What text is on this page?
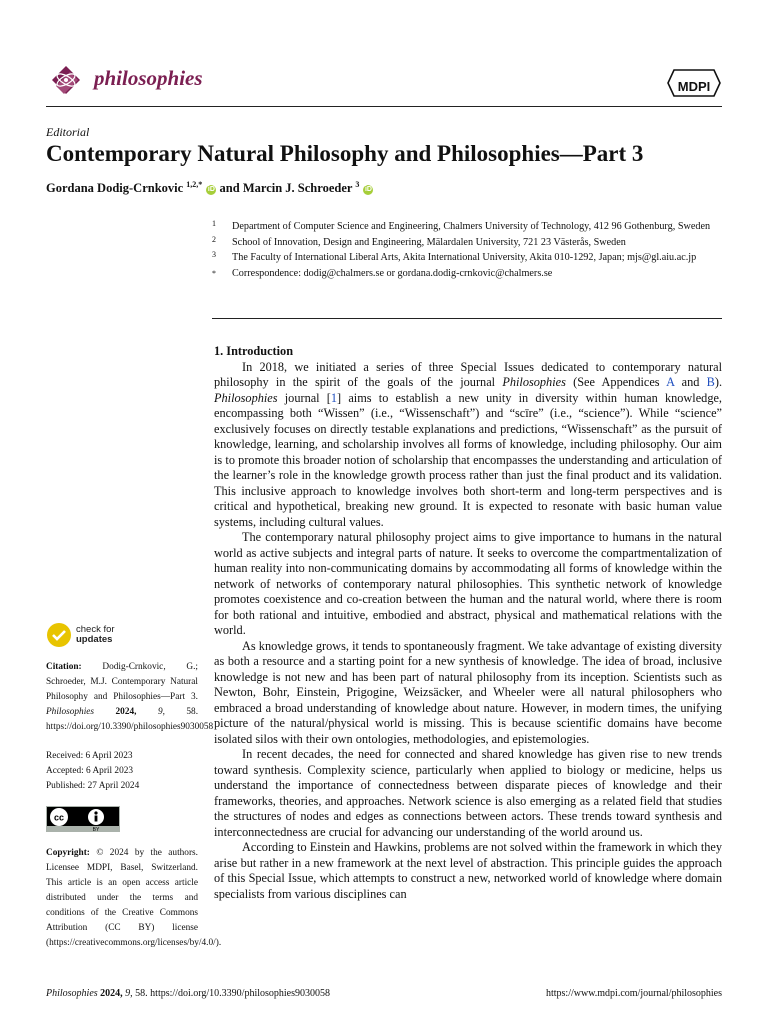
philosophies	MDPI
Editorial
Contemporary Natural Philosophy and Philosophies—Part 3
Gordana Dodig-Crnkovic $^{1,2,*}$ iD and Marcin J. Schroeder $^3$ iD
1 Department of Computer Science and Engineering, Chalmers University of Technology, 412 96 Gothenburg, Sweden
2 School of Innovation, Design and Engineering, Mälardalen University, 721 23 Västerås, Sweden
3 The Faculty of International Liberal Arts, Akita International University, Akita 010-1292, Japan; mjs@gl.aiu.ac.jp
* Correspondence: dodig@chalmers.se or gordana.dodig-crnkovic@chalmers.se
check for
updates
Citation: Dodig-Crnkovic, G.; Schroeder, M.J. Contemporary Natural Philosophy and Philosophies—Part 3. Philosophies 2024, 9, 58. https://doi.org/10.3390/philosophies9030058
Received: 6 April 2023
Accepted: 6 April 2023
Published: 27 April 2024
cc
BY
Copyright: © 2024 by the authors. Licensee MDPI, Basel, Switzerland. This article is an open access article distributed under the terms and conditions of the Creative Commons Attribution (CC BY) license (https://creativecommons.org/licenses/by/4.0/).
1. Introduction

In 2018, we initiated a series of three Special Issues dedicated to contemporary natural philosophy in the spirit of the goals of the journal Philosophies (See Appendices A and B). Philosophies journal [1] aims to establish a new unity in diversity within human knowledge, encompassing both “Wissen” (i.e., “Wissenschaft”) and “scīre” (i.e., “science”). While “science” exclusively focuses on directly testable explanations and predictions, “Wissenschaft” as the pursuit of knowledge, learning, and scholarship involves all forms of knowledge, including philosophy. Our aim is to promote this broader notion of scholarship that encompasses the understanding and articulation of the learner’s role in the knowledge growth process rather than just the final product and its validation. This inclusive approach to knowledge involves both short-term and long-term perspectives and is critical and hypothetical, breaking new ground. It is expected to resonate with basic human value systems, including cultural values.

The contemporary natural philosophy project aims to give importance to humans in the natural world as active subjects and integral parts of nature. It seeks to overcome the compartmentalization of human reality into non-communicating domains by accommodating all forms of knowledge within the network of networks of contemporary natural philosophies. This synthetic network of knowledge promotes coexistence and co-creation between the human and the natural world, where there is room for both rational and intuitive, embodied and abstract, physical and mathematical relations with the world.

As knowledge grows, it tends to spontaneously fragment. We take advantage of existing diversity as both a resource and a starting point for a new synthesis of knowledge. The idea of broad, inclusive knowledge is not new and has been part of natural philosophy from its inception. Scientists such as Newton, Bohr, Einstein, Prigogine, Weizsäcker, and Wheeler were all natural philosophers who embraced a broad understanding of knowledge about nature. However, in modern times, the unifying picture of the natural/physical world is missing. This is because scientific domains have become isolated silos with their own ontologies, methodologies, and epistemologies.

In recent decades, the need for connected and shared knowledge has given rise to new trends toward synthesis. Complexity science, particularly when applied to biology or medicine, helps us understand the importance of connectedness between disparate pieces of knowledge and their frameworks, theories, and approaches. Network science is also emerging as a related field that studies the structures of nodes and edges as connections between actors. These trends toward synthesis and interconnectedness are crucial for advancing our understanding of the world around us.

According to Einstein and Hawkins, problems are not solved within the framework in which they arise but rather in a new framework at the next level of abstraction. This principle guides the approach of this Special Issue, which attempts to construct a new, networked world of knowledge where domain specialists from various disciplines can

Philosophies 2024, 9, 58. https://doi.org/10.3390/philosophies9030058	https://www.mdpi.com/journal/philosophies
